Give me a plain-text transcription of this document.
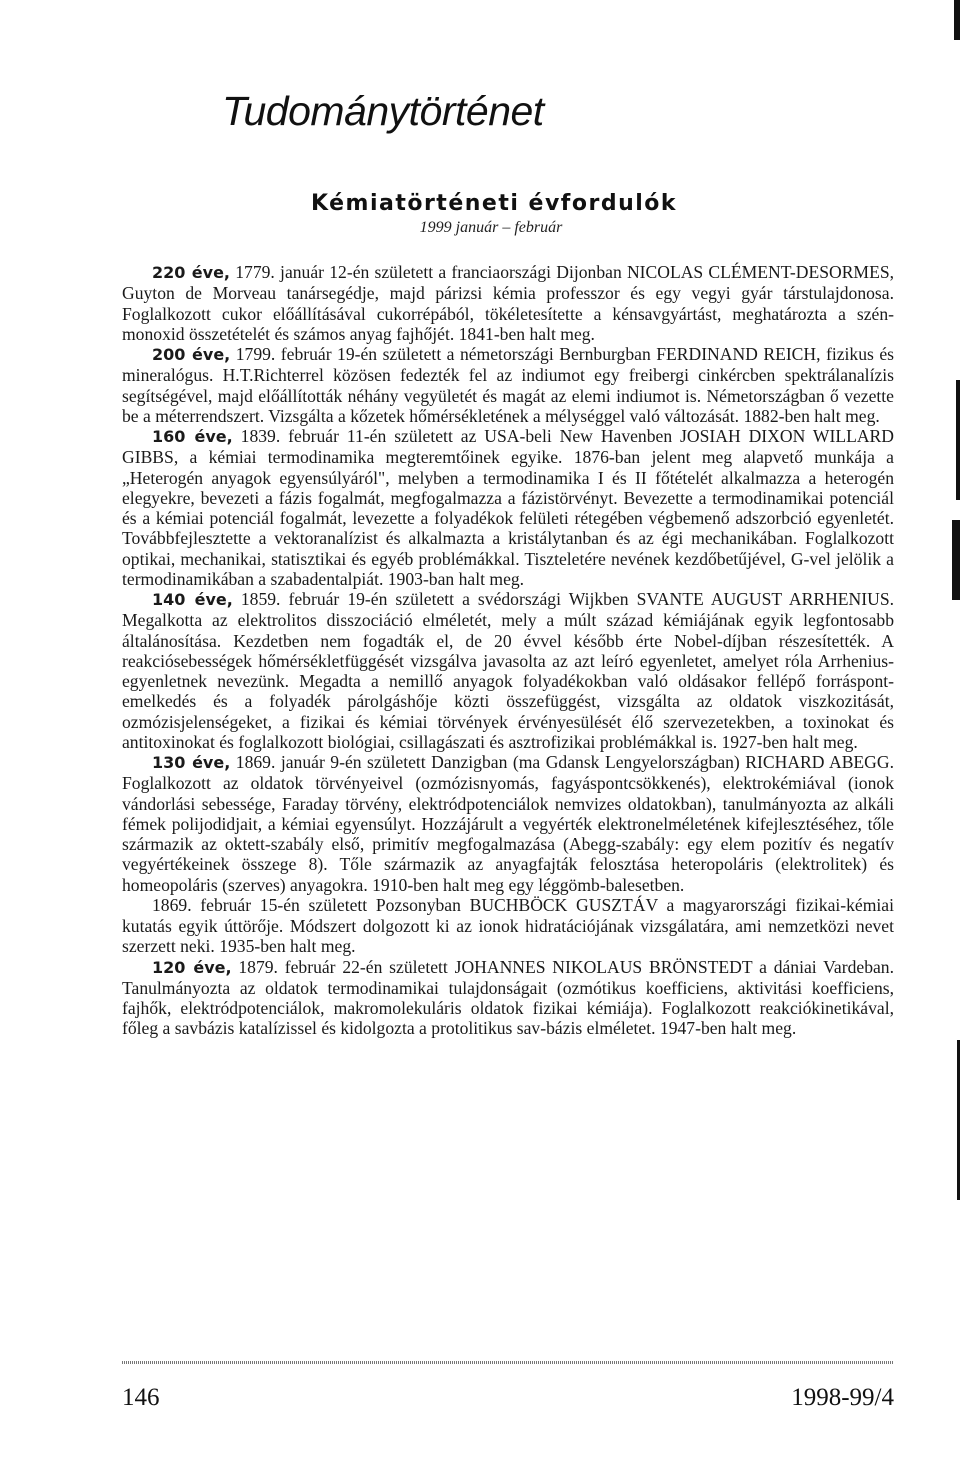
Tudománytörténet
Kémiatörténeti évfordulók
1999 január – február

220 éve, 1779. január 12-én született a franciaországi Dijonban NICOLAS CLÉMENT-DESORMES, Guyton de Morveau tanársegédje, majd párizsi kémia professzor és egy vegyi gyár társtulajdonosa. Foglalkozott cukor előállításával cukorrépából, tökéletesítette a kénsavgyártást, meghatározta a szén-monoxid összetételét és számos anyag fajhőjét. 1841-ben halt meg.

200 éve, 1799. február 19-én született a németországi Bernburgban FERDINAND REICH, fizikus és mineralógus. H.T.Richterrel közösen fedezték fel az indiumot egy freibergi cinkércben spektrálanalízis segítségével, majd előállították néhány vegyületét és magát az elemi indiumot is. Németországban ő vezette be a méterrendszert. Vizsgálta a kőzetek hőmérsékletének a mélységgel való változását. 1882-ben halt meg.

160 éve, 1839. február 11-én született az USA-beli New Havenben JOSIAH DIXON WILLARD GIBBS, a kémiai termodinamika megteremtőinek egyike. 1876-ban jelent meg alapvető munkája a „Heterogén anyagok egyensúlyáról", melyben a termodinamika I és II főtételét alkalmazza a heterogén elegyekre, bevezeti a fázis fogalmát, megfogalmazza a fázistörvényt. Bevezette a termodinamikai potenciál és a kémiai potenciál fogalmát, levezette a folyadékok felületi rétegében végbemenő adszorbció egyenletét. Továbbfejlesztette a vektoranalízist és alkalmazta a kristálytanban és az égi mechanikában. Foglalkozott optikai, mechanikai, statisztikai és egyéb problémákkal. Tiszteletére nevének kezdőbetűjével, G-vel jelölik a termodinamikában a szabadentalpiát. 1903-ban halt meg.

140 éve, 1859. február 19-én született a svédországi Wijkben SVANTE AUGUST ARRHENIUS. Megalkotta az elektrolitos disszociáció elméletét, mely a múlt század kémiájának egyik legfontosabb általánosítása. Kezdetben nem fogadták el, de 20 évvel később érte Nobel-díjban részesítették. A reakciósebességek hőmérsékletfüggését vizsgálva javasolta az azt leíró egyenletet, amelyet róla Arrhenius-egyenletnek nevezünk. Megadta a nemillő anyagok folyadékokban való oldásakor fellépő forráspont-emelkedés és a folyadék párolgáshője közti összefüggést, vizsgálta az oldatok viszkozitását, ozmózisjelenségeket, a fizikai és kémiai törvények érvényesülését élő szervezetekben, a toxinokat és antitoxinokat és foglalkozott biológiai, csillagászati és asztrofizikai problémákkal is. 1927-ben halt meg.

130 éve, 1869. január 9-én született Danzigban (ma Gdansk Lengyelországban) RICHARD ABEGG. Foglalkozott az oldatok törvényeivel (ozmózisnyomás, fagyáspontcsökkenés), elektrokémiával (ionok vándorlási sebessége, Faraday törvény, elektródpotenciálok nemvizes oldatokban), tanulmányozta az alkáli fémek polijodidjait, a kémiai egyensúlyt. Hozzájárult a vegyérték elektronelméletének kifejlesztéséhez, tőle származik az oktett-szabály első, primitív megfogalmazása (Abegg-szabály: egy elem pozitív és negatív vegyértékeinek összege 8). Tőle származik az anyagfajták felosztása heteropoláris (elektrolitek) és homeopoláris (szerves) anyagokra. 1910-ben halt meg egy léggömb-balesetben.

1869. február 15-én született Pozsonyban BUCHBÖCK GUSZTÁV a magyarországi fizikai-kémiai kutatás egyik úttörője. Módszert dolgozott ki az ionok hidratációjának vizsgálatára, ami nemzetközi nevet szerzett neki. 1935-ben halt meg.

120 éve, 1879. február 22-én született JOHANNES NIKOLAUS BRÖNSTEDT a dániai Vardeban. Tanulmányozta az oldatok termodinamikai tulajdonságait (ozmótikus koefficiens, aktivitási koefficiens, fajhők, elektródpotenciálok, makromolekuláris oldatok fizikai kémiája). Foglalkozott reakciókinetikával, főleg a savbázis katalízissel és kidolgozta a protolitikus sav-bázis elméletet. 1947-ben halt meg.

146	1998-99/4
